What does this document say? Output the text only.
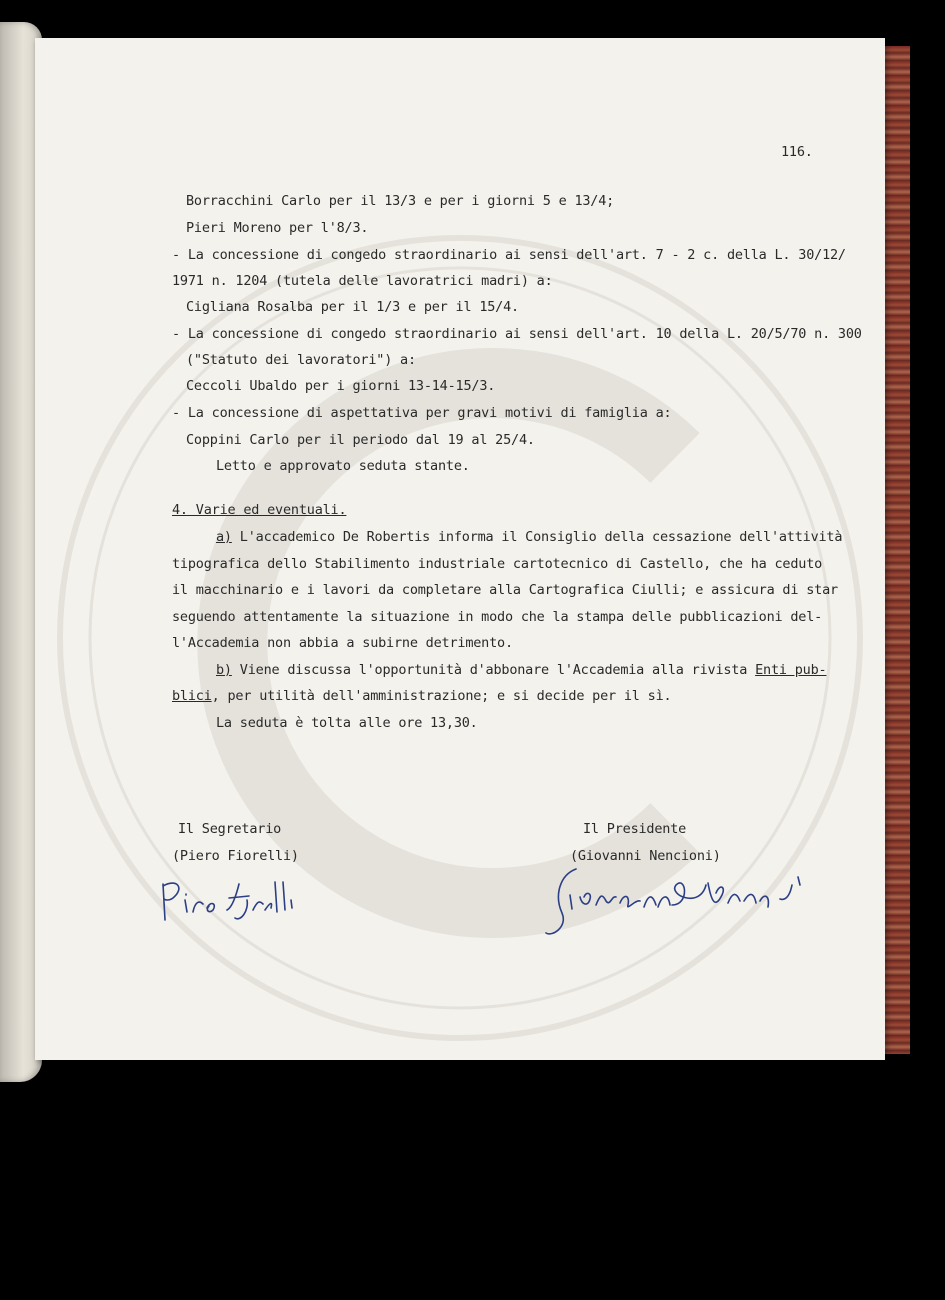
116.
Borracchini Carlo per il 13/3 e per i giorni 5 e 13/4;
Pieri Moreno per l'8/3.
- La concessione di congedo straordinario ai sensi dell'art. 7 - 2 c. della L. 30/12/
1971 n. 1204 (tutela delle lavoratrici madri) a:
Cigliana Rosalba per il 1/3 e per il 15/4.
- La concessione di congedo straordinario ai sensi dell'art. 10 della L. 20/5/70 n. 300
("Statuto dei lavoratori") a:
Ceccoli Ubaldo per i giorni 13-14-15/3.
- La concessione di aspettativa per gravi motivi di famiglia a:
Coppini Carlo per il periodo dal 19 al 25/4.
Letto e approvato seduta stante.
4. Varie ed eventuali.
a) L'accademico De Robertis informa il Consiglio della cessazione dell'attività
tipografica dello Stabilimento industriale cartotecnico di Castello, che ha ceduto
il macchinario e i lavori da completare alla Cartografica Ciulli; e assicura di star
seguendo attentamente la situazione in modo che la stampa delle pubblicazioni del-
l'Accademia non abbia a subirne detrimento.
b) Viene discussa l'opportunità d'abbonare l'Accademia alla rivista Enti pub-
blici, per utilità dell'amministrazione; e si decide per il sì.
La seduta è tolta alle ore 13,30.
Il Segretario
(Piero Fiorelli)
Il Presidente
(Giovanni Nencioni)
